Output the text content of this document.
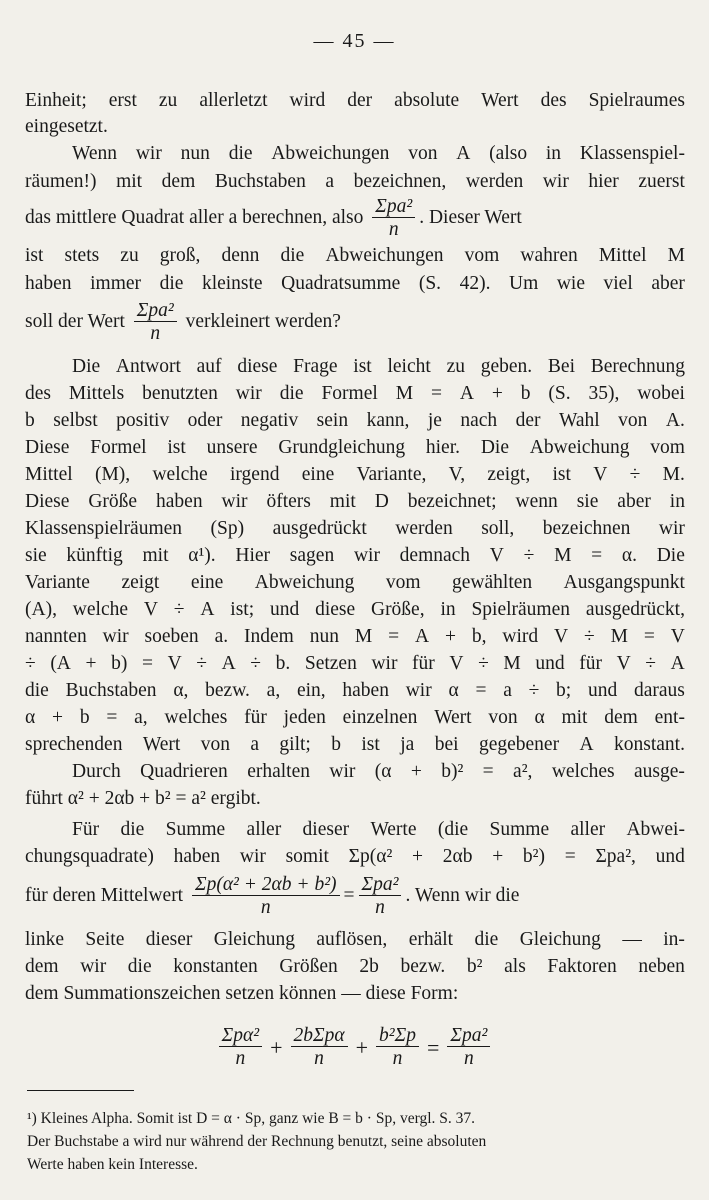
— 45 —
Einheit; erst zu allerletzt wird der absolute Wert des Spielraumes
eingesetzt.
Wenn wir nun die Abweichungen von A (also in Klassenspiel-
räumen!) mit dem Buchstaben a bezeichnen, werden wir hier zuerst
das mittlere Quadrat aller a berechnen, also $\frac{\text{Σpa²}}{n}$ . Dieser Wert
ist stets zu groß, denn die Abweichungen vom wahren Mittel M
haben immer die kleinste Quadratsumme (S. 42). Um wie viel aber
soll der Wert $\frac{\text{Σpa²}}{n}$ verkleinert werden?
Die Antwort auf diese Frage ist leicht zu geben. Bei Berechnung
des Mittels benutzten wir die Formel M = A + b (S. 35), wobei
b selbst positiv oder negativ sein kann, je nach der Wahl von A.
Diese Formel ist unsere Grundgleichung hier. Die Abweichung vom
Mittel (M), welche irgend eine Variante, V, zeigt, ist V ÷ M.
Diese Größe haben wir öfters mit D bezeichnet; wenn sie aber in
Klassenspielräumen (Sp) ausgedrückt werden soll, bezeichnen wir
sie künftig mit α¹). Hier sagen wir demnach V ÷ M = α. Die
Variante zeigt eine Abweichung vom gewählten Ausgangspunkt
(A), welche V ÷ A ist; und diese Größe, in Spielräumen ausgedrückt,
nannten wir soeben a. Indem nun M = A + b, wird V ÷ M = V
÷ (A + b) = V ÷ A ÷ b. Setzen wir für V ÷ M und für V ÷ A
die Buchstaben α, bezw. a, ein, haben wir α = a ÷ b; und daraus
α + b = a, welches für jeden einzelnen Wert von α mit dem ent-
sprechenden Wert von a gilt; b ist ja bei gegebener A konstant.
Durch Quadrieren erhalten wir (α + b)² = a², welches ausge-
führt α² + 2αb + b² = a² ergibt.
Für die Summe aller dieser Werte (die Summe aller Abwei-
chungsquadrate) haben wir somit Σp(α² + 2αb + b²) = Σpa², und
für deren Mittelwert $\frac{\text{Σp(α² + 2αb + b²)}}{n} = \frac{\text{Σpa²}}{n}$ . Wenn wir die
linke Seite dieser Gleichung auflösen, erhält die Gleichung — in-
dem wir die konstanten Größen 2b bezw. b² als Faktoren neben
dem Summationszeichen setzen können — diese Form:
$\frac{\text{Σpα²}}{n} + \frac{\text{2bΣpα}}{n} + \frac{\text{b²Σp}}{n} = \frac{\text{Σpa²}}{n}$
¹) Kleines Alpha. Somit ist D = α · Sp, ganz wie B = b · Sp, vergl. S. 37.
Der Buchstabe a wird nur während der Rechnung benutzt, seine absoluten
Werte haben kein Interesse.
